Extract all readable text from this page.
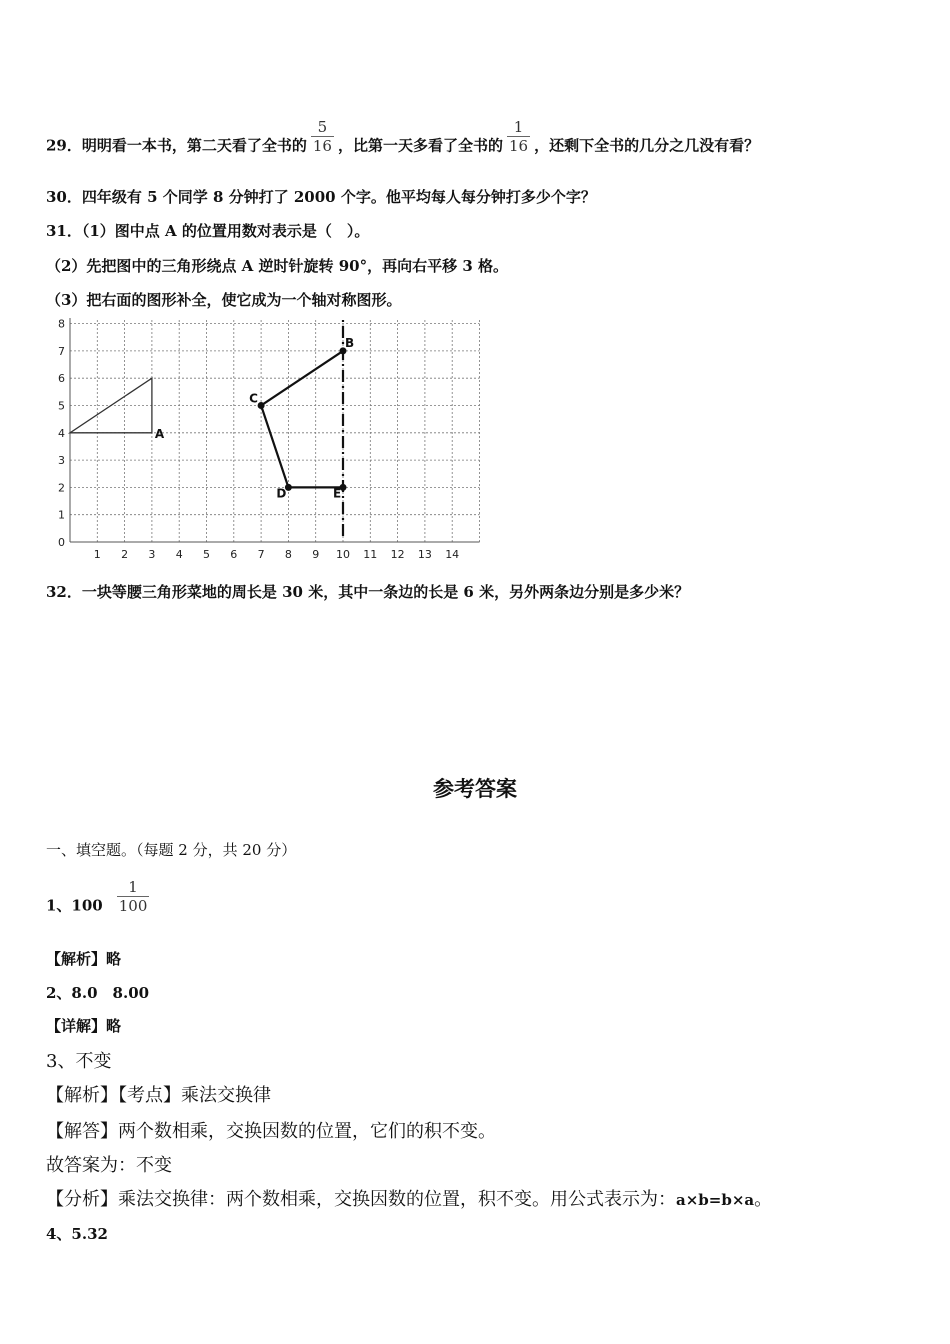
29．明明看一本书，第二天看了全书的 $\frac{5}{16}$ ，比第一天多看了全书的 $\frac{1}{16}$ ，还剩下全书的几分之几没有看？
30．四年级有 5 个同学 8 分钟打了 2000 个字。他平均每人每分钟打多少个字？
31．（1）图中点 A 的位置用数对表示是（　）。
（2）先把图中的三角形绕点 A 逆时针旋转 90°，再向右平移 3 格。
（3）把右面的图形补全，使它成为一个轴对称图形。
1 2 3 4 5 6 7 8 9 10 11 12 13 14
0
1
2
3
4
5
6
7
8
A
B
C
D	E
32．一块等腰三角形菜地的周长是 30 米，其中一条边的长是 6 米，另外两条边分别是多少米？
参考答案
一、填空题。（每题 2 分，共 20 分）
1、$100 \frac{1}{100}$
【解析】略
2、8.0　8.00
【详解】略
3、不变
【解析】【考点】乘法交换律
【解答】两个数相乘，交换因数的位置，它们的积不变。
故答案为：不变
【分析】乘法交换律：两个数相乘，交换因数的位置，积不变。用公式表示为：a×b=b×a。
4、5.32
